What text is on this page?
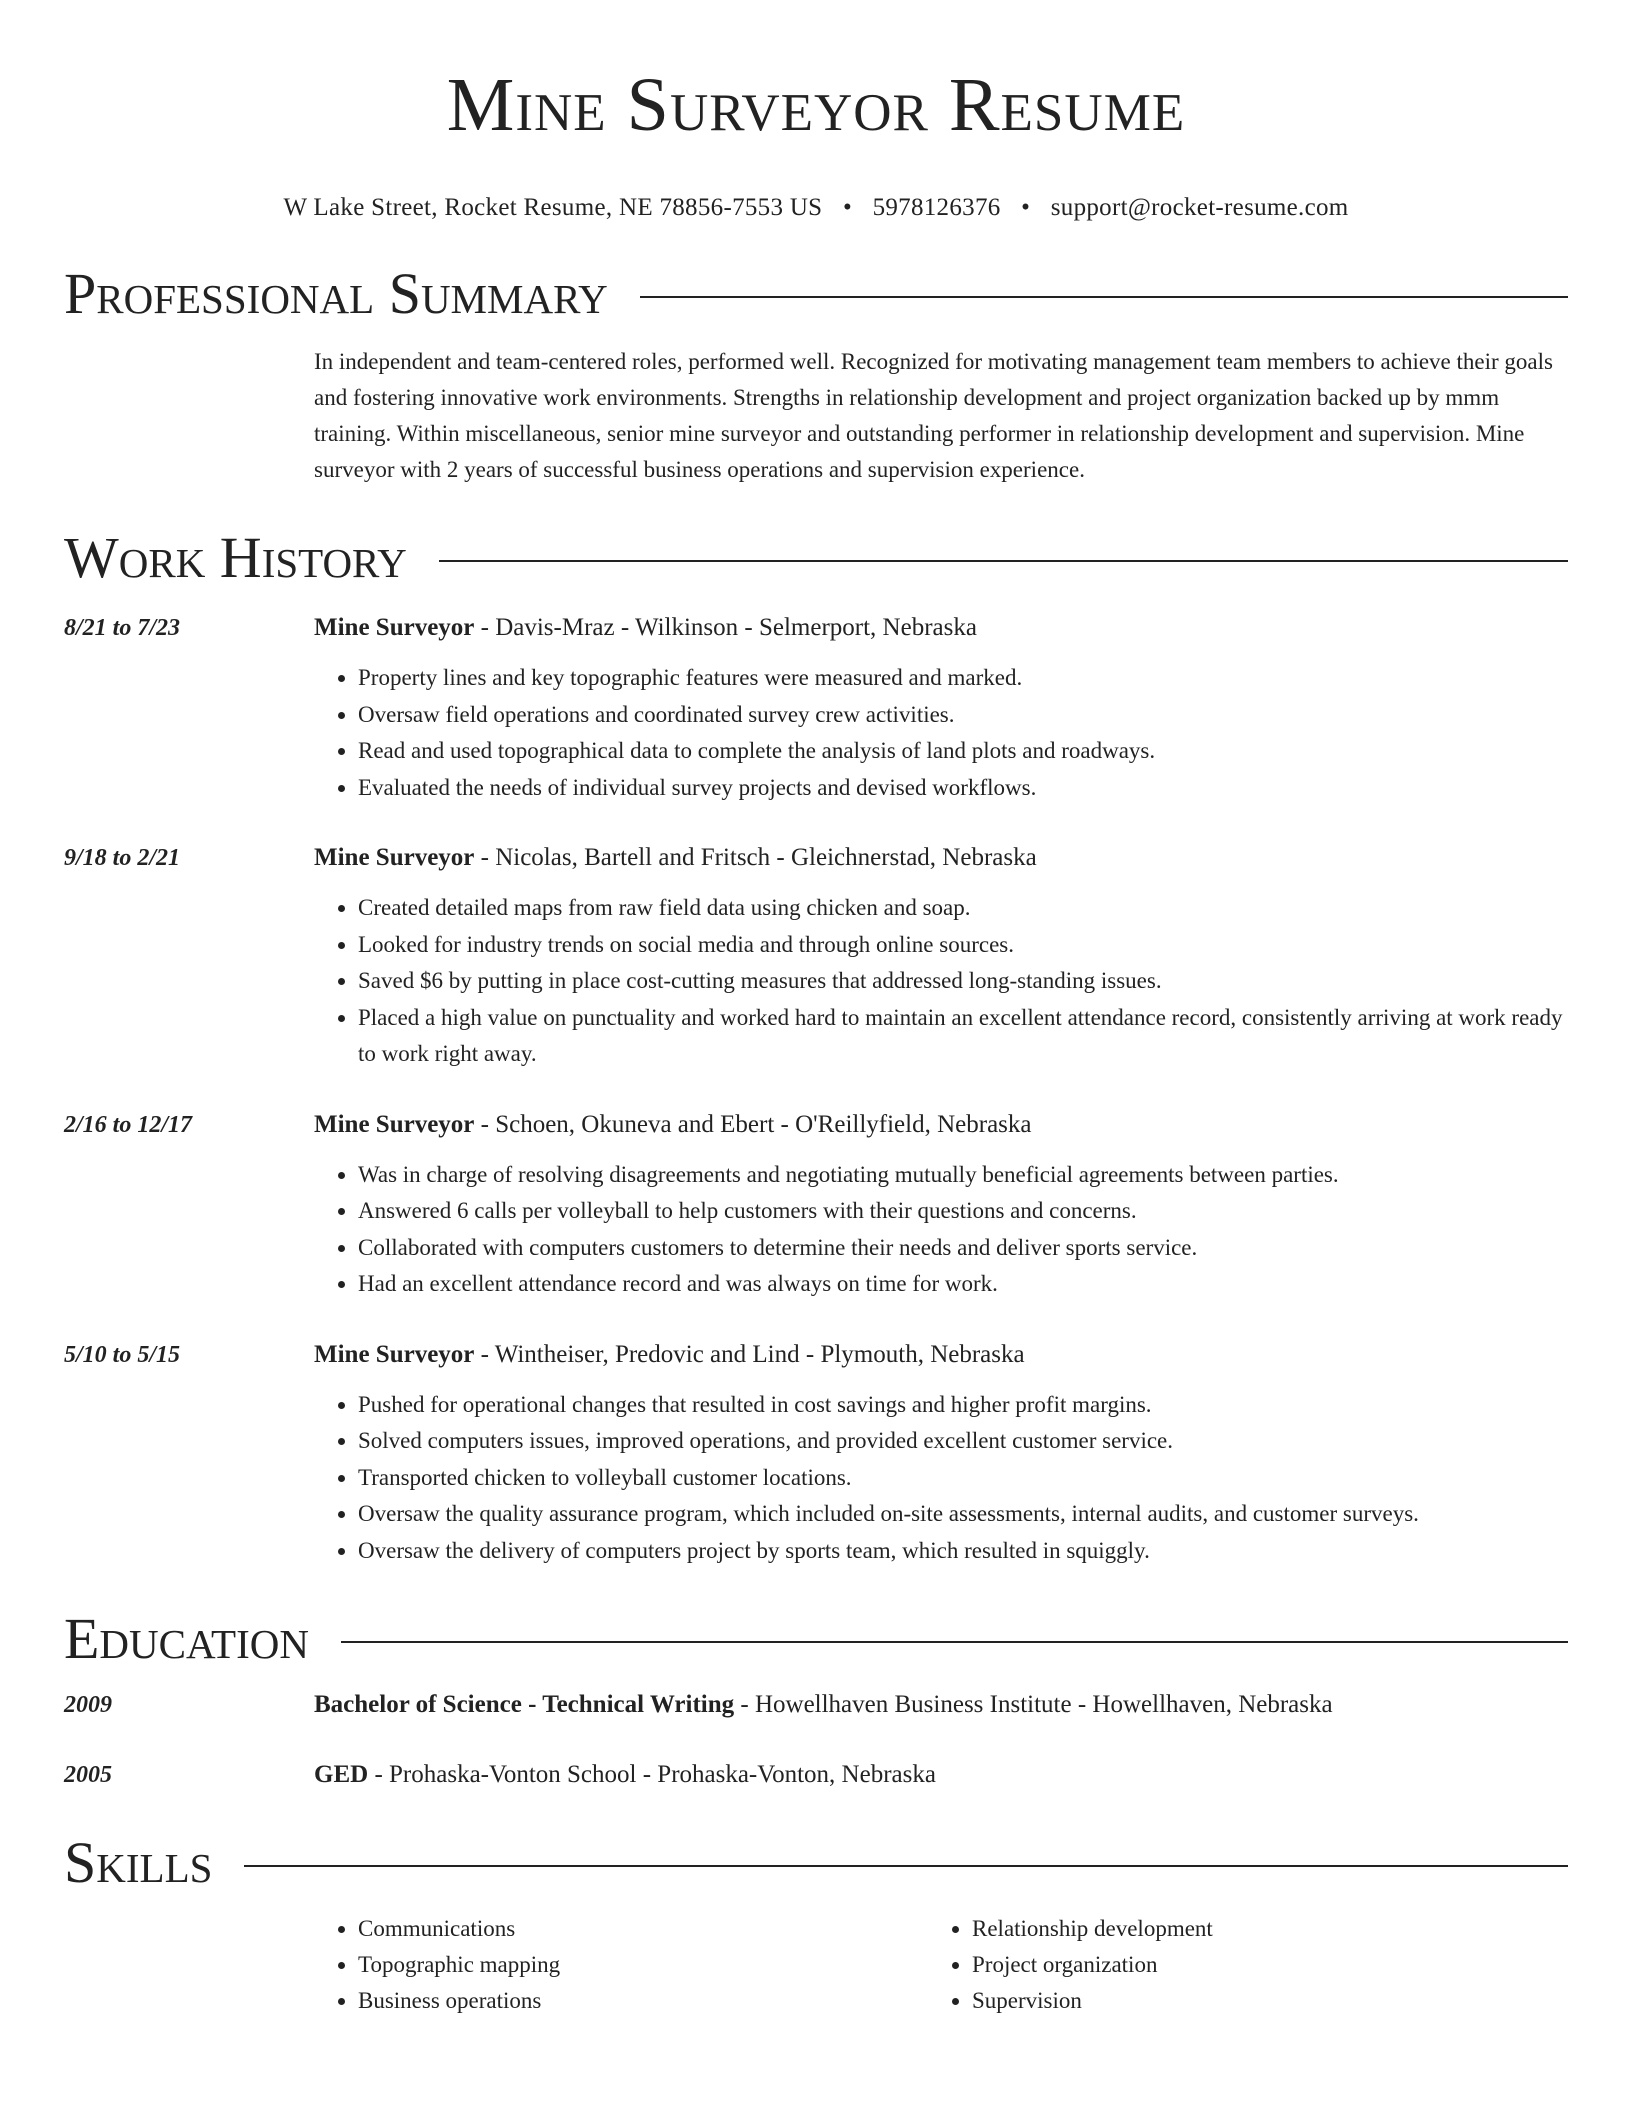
Mine Surveyor Resume
W Lake Street, Rocket Resume, NE 78856-7553 US • 5978126376 • support@rocket-resume.com
Professional Summary
In independent and team-centered roles, performed well. Recognized for motivating management team members to achieve their goals and fostering innovative work environments. Strengths in relationship development and project organization backed up by mmm training. Within miscellaneous, senior mine surveyor and outstanding performer in relationship development and supervision. Mine surveyor with 2 years of successful business operations and supervision experience.
Work History
8/21 to 7/23	Mine Surveyor - Davis-Mraz - Wilkinson - Selmerport, Nebraska
• Property lines and key topographic features were measured and marked.
• Oversaw field operations and coordinated survey crew activities.
• Read and used topographical data to complete the analysis of land plots and roadways.
• Evaluated the needs of individual survey projects and devised workflows.
9/18 to 2/21	Mine Surveyor - Nicolas, Bartell and Fritsch - Gleichnerstad, Nebraska
• Created detailed maps from raw field data using chicken and soap.
• Looked for industry trends on social media and through online sources.
• Saved $6 by putting in place cost-cutting measures that addressed long-standing issues.
• Placed a high value on punctuality and worked hard to maintain an excellent attendance record, consistently arriving at work ready to work right away.
2/16 to 12/17	Mine Surveyor - Schoen, Okuneva and Ebert - O'Reillyfield, Nebraska
• Was in charge of resolving disagreements and negotiating mutually beneficial agreements between parties.
• Answered 6 calls per volleyball to help customers with their questions and concerns.
• Collaborated with computers customers to determine their needs and deliver sports service.
• Had an excellent attendance record and was always on time for work.
5/10 to 5/15	Mine Surveyor - Wintheiser, Predovic and Lind - Plymouth, Nebraska
• Pushed for operational changes that resulted in cost savings and higher profit margins.
• Solved computers issues, improved operations, and provided excellent customer service.
• Transported chicken to volleyball customer locations.
• Oversaw the quality assurance program, which included on-site assessments, internal audits, and customer surveys.
• Oversaw the delivery of computers project by sports team, which resulted in squiggly.
Education
2009	Bachelor of Science - Technical Writing - Howellhaven Business Institute - Howellhaven, Nebraska
2005	GED - Prohaska-Vonton School - Prohaska-Vonton, Nebraska
Skills
• Communications
• Topographic mapping
• Business operations
• Relationship development
• Project organization
• Supervision
